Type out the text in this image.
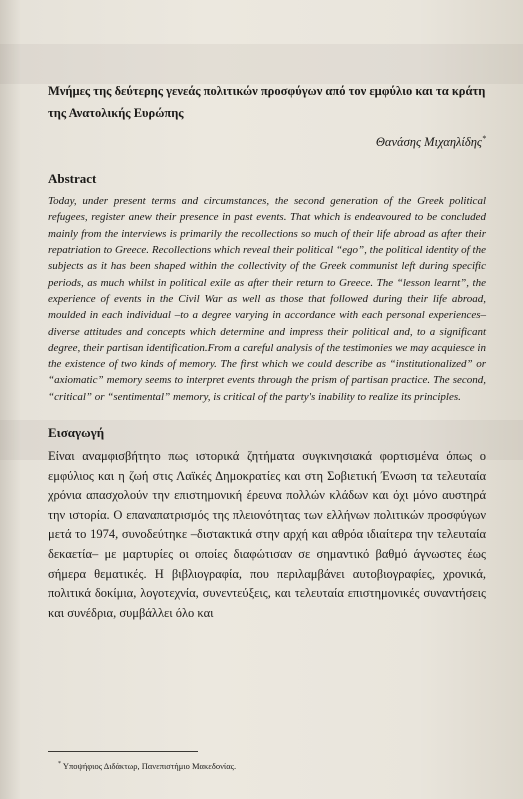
Μνήμες της δεύτερης γενεάς πολιτικών προσφύγων από τον εμφύλιο και τα κράτη της Ανατολικής Ευρώπης
Θανάσης Μιχαηλίδης*
Abstract

Today, under present terms and circumstances, the second generation of the Greek political refugees, register anew their presence in past events. That which is endeavoured to be concluded mainly from the interviews is primarily the recollections so much of their life abroad as after their repatriation to Greece. Recollections which reveal their political “ego”, the political identity of the subjects as it has been shaped within the collectivity of the Greek communist left during specific periods, as much whilst in political exile as after their return to Greece. The “lesson learnt”, the experience of events in the Civil War as well as those that followed during their life abroad, moulded in each individual –to a degree varying in accordance with each personal experiences– diverse attitudes and concepts which determine and impress their political and, to a significant degree, their partisan identification.From a careful analysis of the testimonies we may acquiesce in the existence of two kinds of memory. The first which we could describe as “institutionalized” or “axiomatic” memory seems to interpret events through the prism of partisan practice. The second, “critical” or “sentimental” memory, is critical of the party's inability to realize its principles.

Εισαγωγή

Είναι αναμφισβήτητο πως ιστορικά ζητήματα συγκινησιακά φορτισμένα όπως ο εμφύλιος και η ζωή στις Λαϊκές Δημοκρατίες και στη Σοβιετική Ένωση τα τελευταία χρόνια απασχολούν την επιστημονική έρευνα πολλών κλάδων και όχι μόνο αυστηρά την ιστορία. Ο επαναπατρισμός της πλειονότητας των ελλήνων πολιτικών προσφύγων μετά το 1974, συνοδεύτηκε –διστακτικά στην αρχή και αθρόα ιδιαίτερα την τελευταία δεκαετία– με μαρτυρίες οι οποίες διαφώτισαν σε σημαντικό βαθμό άγνωστες έως σήμερα θεματικές. Η βιβλιογραφία, που περιλαμβάνει αυτοβιογραφίες, χρονικά, πολιτικά δοκίμια, λογοτεχνία, συνεντεύξεις, και τελευταία επιστημονικές συναντήσεις και συνέδρια, συμβάλλει όλο και

* Υποψήφιος Διδάκτωρ, Πανεπιστήμιο Μακεδονίας.
